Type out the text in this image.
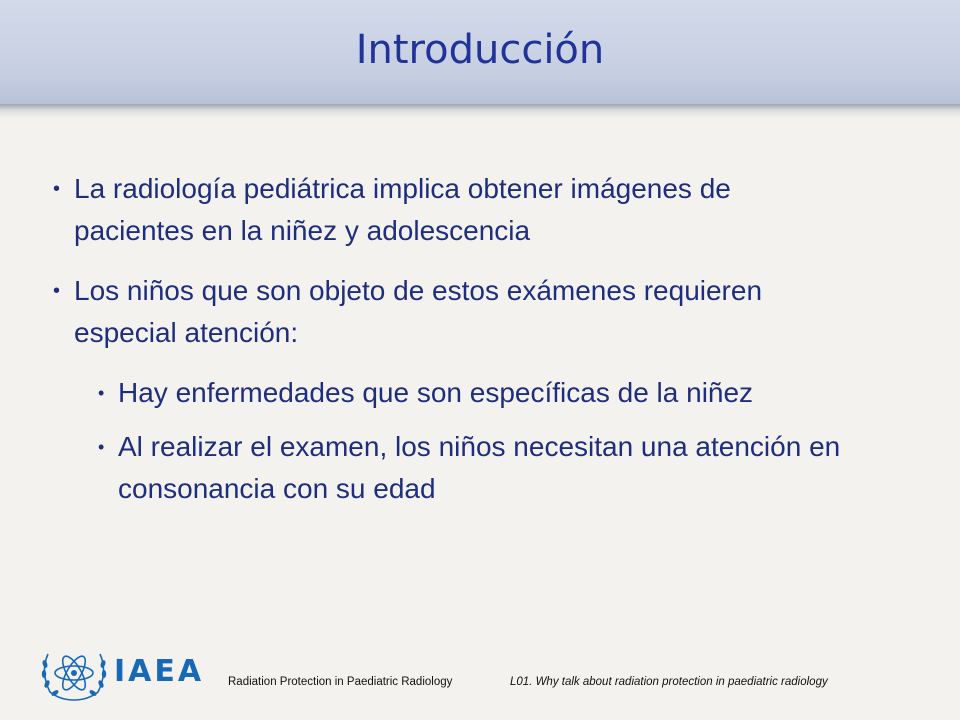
Introducción

• La radiología pediátrica implica obtener imágenes de pacientes en la niñez y adolescencia

• Los niños que son objeto de estos exámenes requieren especial atención:

• Hay enfermedades que son específicas de la niñez

• Al realizar el examen, los niños necesitan una atención en consonancia con su edad

IAEA Radiation Protection in Paediatric Radiology	L01. Why talk about radiation protection in paediatric radiology
